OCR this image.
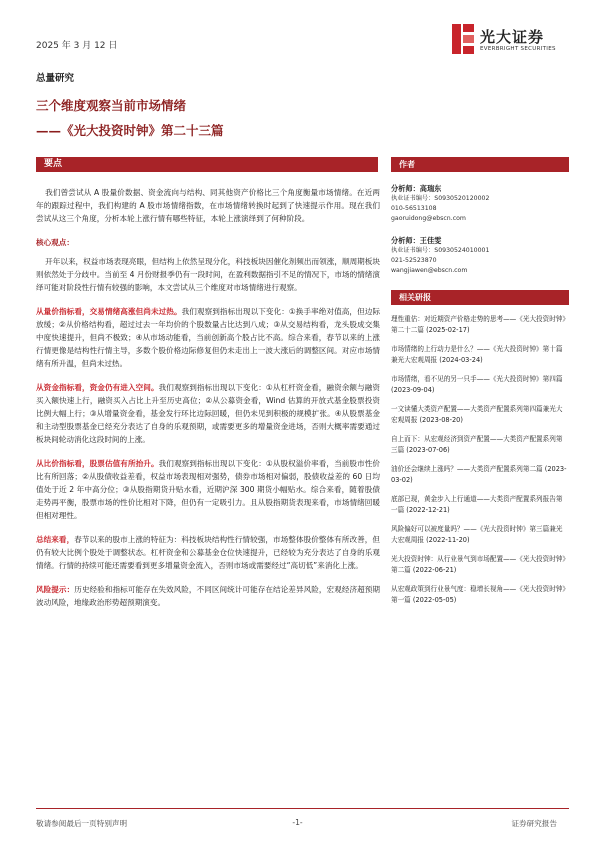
2025 年 3 月 12 日	光大证券
EVERBRIGHT SECURITIES
总量研究
三个维度观察当前市场情绪
——《光大投资时钟》第二十三篇
要点

我们曾尝试从 A 股量价数据、资金流向与结构、同其他资产价格比三个角度衡量市场情绪。在近两年的跟踪过程中，我们构建的 A 股市场情绪指数，在市场情绪转换时起到了快速提示作用。现在我们尝试从这三个角度，分析本轮上涨行情有哪些特征，本轮上涨演绎到了何种阶段。

核心观点：

开年以来，权益市场表现亮眼，但结构上依然呈现分化，科技板块因催化剂频出而领涨，顺周期板块则依然处于分歧中。当前至 4 月份财报季仍有一段时间，在盈利数据指引不足的情况下，市场的情绪演绎可能对阶段性行情有较强的影响，本文尝试从三个维度对市场情绪进行观察。

从量价指标看，交易情绪高涨但尚未过热。我们观察到指标出现以下变化：①换手率绝对值高，但边际放缓；②从价格结构看，超过过去一年均价的个股数量占比达到八成；③从交易结构看，龙头股成交集中度快速提升，但尚不极致；④从市场动能看，当前创新高个股占比不高。综合来看，春节以来的上涨行情更像是结构性行情主导，多数个股价格边际修复但仍未走出上一波大涨后的调整区间。对应市场情绪有所升温，但尚未过热。

从资金指标看，资金仍有进入空间。我们观察到指标出现以下变化：①从杠杆资金看，融资余额与融资买入额快速上行，融资买入占比上升至历史高位；②从公募资金看，Wind 估算的开放式基金股票投资比例大幅上行；③从增量资金看，基金发行环比边际回暖，但仍未见到积极的规模扩张。④从股票基金和主动型股票基金已经充分表达了自身的乐观预期，或需要更多的增量资金进场，否则大概率需要通过板块间轮动消化这段时间的上涨。

从比价指标看，股票估值有所抬升。我们观察到指标出现以下变化：①从股权溢价率看，当前股市性价比有所回落；②从股债收益差看，权益市场表现相对强势，债券市场相对偏弱，股债收益差的 60 日均值处于近 2 年中高分位；③从股指期货升贴水看，近期沪深 300 期货小幅贴水。综合来看，随着股债走势再平衡，股票市场的性价比相对下降，但仍有一定吸引力。且从股指期货表现来看，市场情绪回暖但相对理性。

总结来看，春节以来的股市上涨的特征为：科技板块结构性行情较强，市场整体股价整体有所改善，但仍有较大比例个股处于调整状态。杠杆资金和公募基金仓位快速提升，已经较为充分表达了自身的乐观情绪。行情的持续可能还需要看到更多增量资金流入，否则市场或需要经过“高切低”来消化上涨。

风险提示：历史经验和指标可能存在失效风险，不同区间统计可能存在结论差异风险，宏观经济超预期波动风险，地缘政治形势超预期演变。

作者
分析师：高瑞东
执业证书编号：S0930520120002
010-56513108
gaoruidong@ebscn.com
分析师：王佳雯
执业证书编号：S0930524010001
021-52523870
wangjiawen@ebscn.com
相关研报
理性重估：对近期资产价格走势的思考——《光大投资时钟》第二十二篇 (2025-02-17)
市场情绪的上行动力是什么？——《光大投资时钟》第十篇兼光大宏观周报 (2024-03-24)
市场情绪，看不见的另一只手——《光大投资时钟》第四篇 (2023-09-04)
一文读懂大类资产配置——大类资产配置系列第四篇兼光大宏观周报 (2023-08-20)
自上而下：从宏观经济到资产配置——大类资产配置系列第三篇 (2023-07-06)
油价还会继续上涨吗？——大类资产配置系列第二篇 (2023-03-02)
底部已现，黄金步入上行通道——大类资产配置系列报告第一篇 (2022-12-21)
风险偏好可以被度量吗？——《光大投资时钟》第三篇兼光大宏观周报 (2022-11-20)
光大投资时钟：从行业景气到市场配置——《光大投资时钟》第二篇 (2022-06-21)
从宏观政策到行业景气度：稳增长视角——《光大投资时钟》第一篇 (2022-05-05)
敬请参阅最后一页特别声明	-1-	证券研究报告
